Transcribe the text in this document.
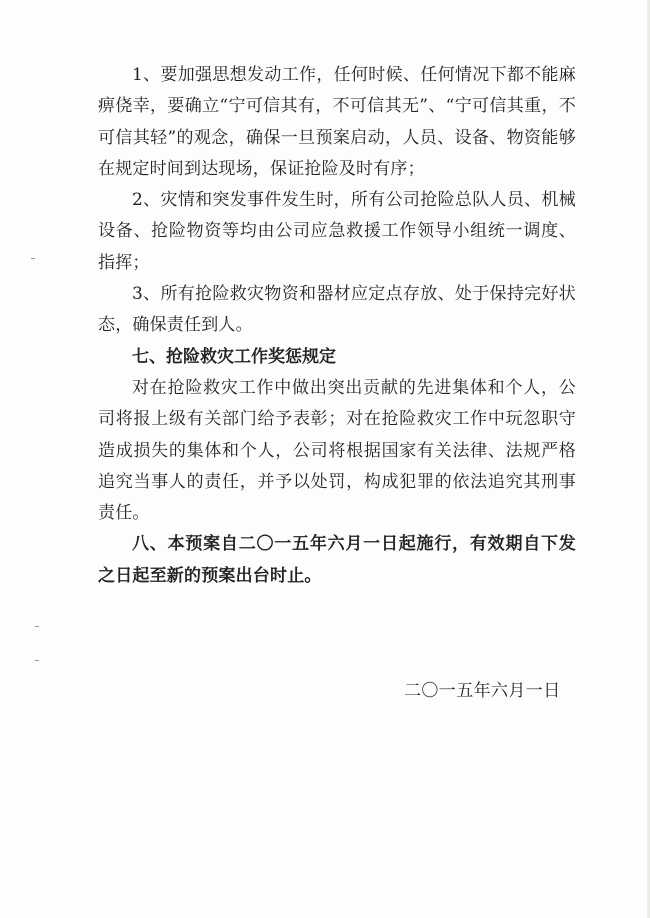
1、要加强思想发动工作，任何时候、任何情况下都不能麻痹侥幸，要确立“宁可信其有，不可信其无”、“宁可信其重，不可信其轻”的观念，确保一旦预案启动，人员、设备、物资能够在规定时间到达现场，保证抢险及时有序；

2、灾情和突发事件发生时，所有公司抢险总队人员、机械设备、抢险物资等均由公司应急救援工作领导小组统一调度、指挥；

3、所有抢险救灾物资和器材应定点存放、处于保持完好状态，确保责任到人。

七、抢险救灾工作奖惩规定

对在抢险救灾工作中做出突出贡献的先进集体和个人，公司将报上级有关部门给予表彰；对在抢险救灾工作中玩忽职守造成损失的集体和个人，公司将根据国家有关法律、法规严格追究当事人的责任，并予以处罚，构成犯罪的依法追究其刑事责任。

八、本预案自二〇一五年六月一日起施行，有效期自下发之日起至新的预案出台时止。

二〇一五年六月一日
